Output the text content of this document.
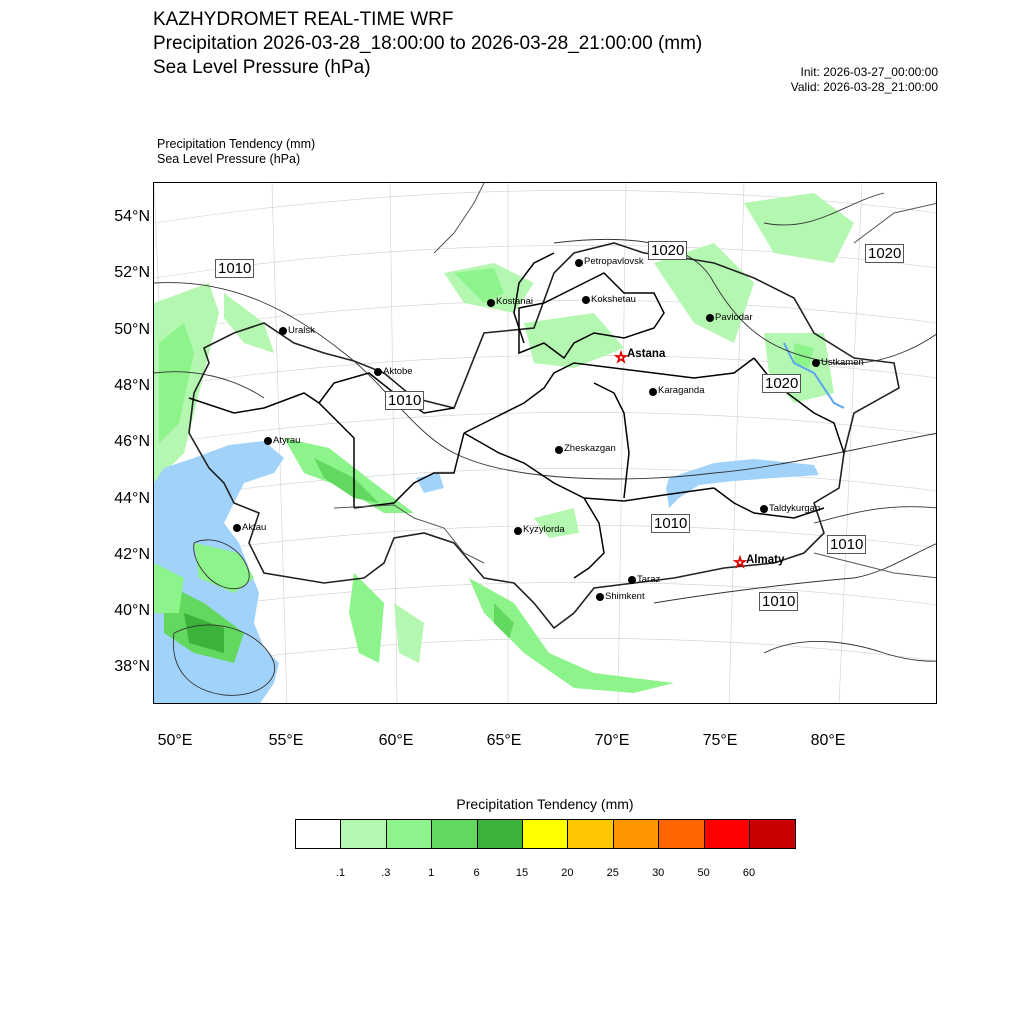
KAZHYDROMET REAL-TIME WRF
Precipitation 2026-03-28_18:00:00 to 2026-03-28_21:00:00 (mm)
Sea Level Pressure (hPa)	Init: 2026-03-27_00:00:00
Valid: 2026-03-28_21:00:00
Precipitation Tendency (mm)
Sea Level Pressure (hPa)
☆
☆
Petropavlovsk
Kostanai	Kokshetau
Pavlodar
Uralsk
Astana
Aktobe
Ustkamen
Karaganda
Atyrau
Zheskazgan
Aktau	Kyzylorda
Taldykurgan
Almaty
Taraz
Shimkent
1010
1020	1020
1010
1020
1010
1010
1010
54°N
52°N
50°N
48°N
46°N
44°N
42°N
40°N
38°N
50°E	55°E	60°E	65°E	70°E	75°E	80°E
Precipitation Tendency (mm)
.1	.3	1	6	15	20	25	30	50	60
